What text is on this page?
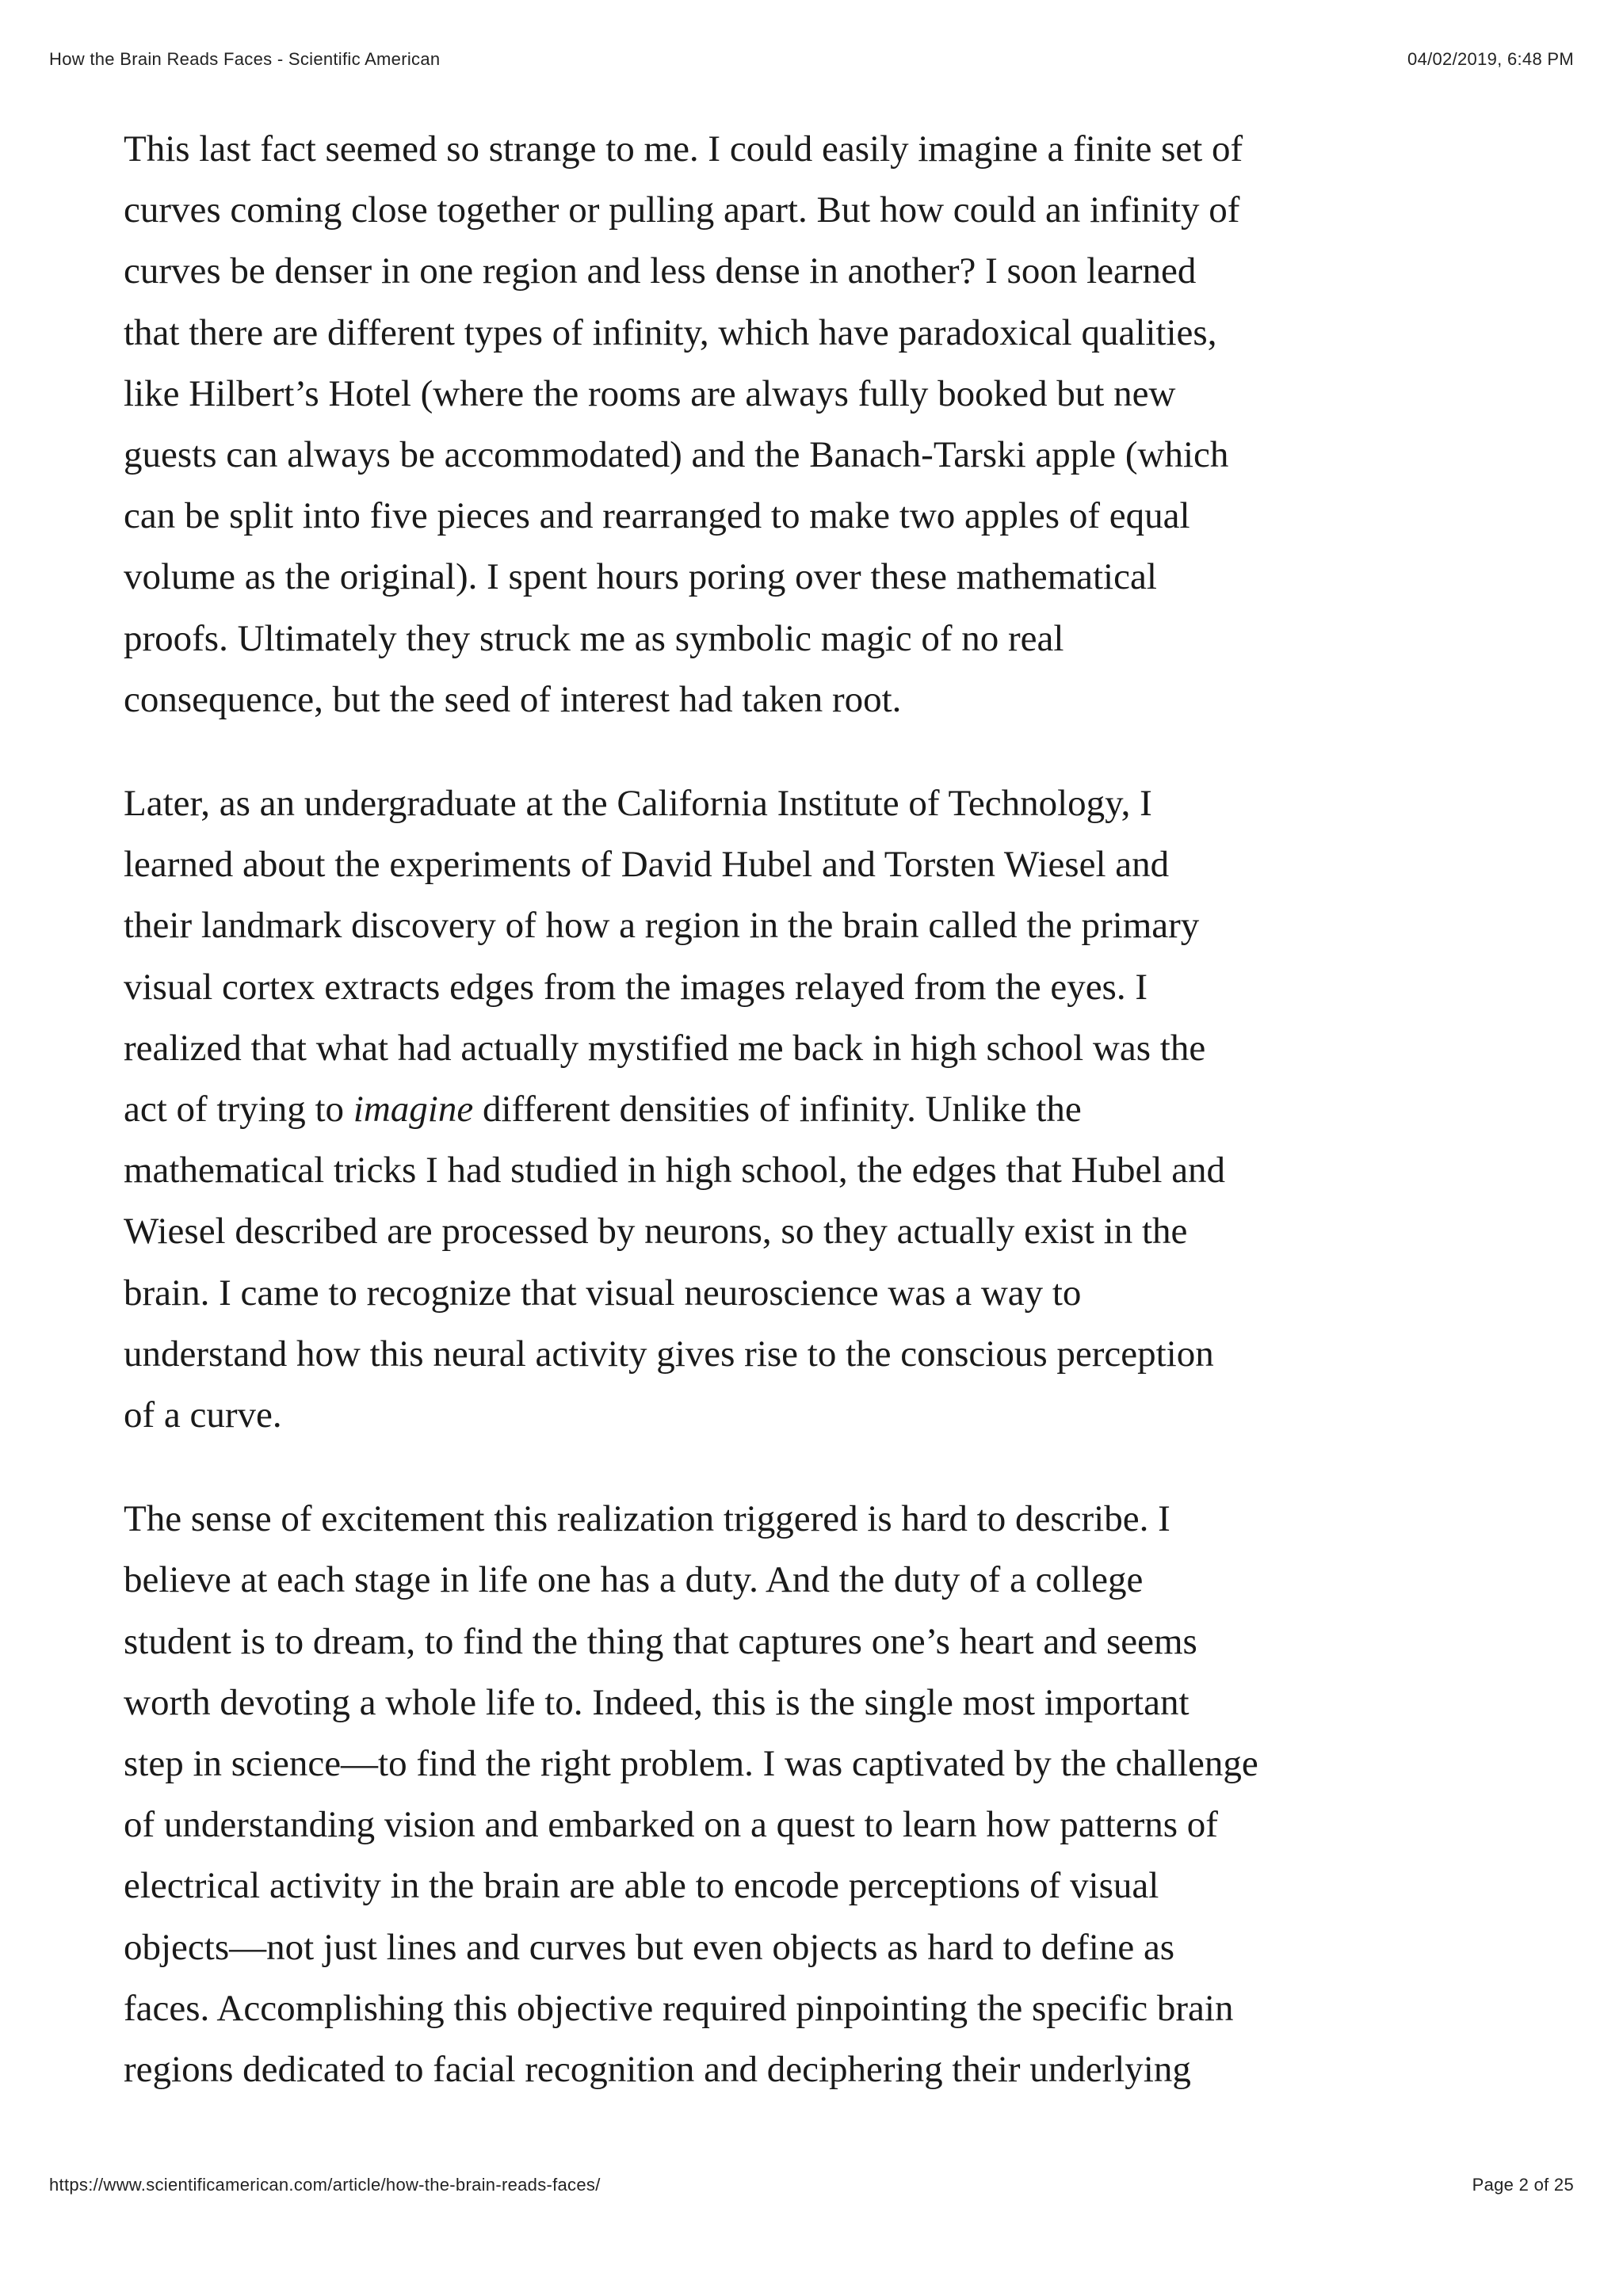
How the Brain Reads Faces - Scientific American	04/02/2019, 6:48 PM

This last fact seemed so strange to me. I could easily imagine a finite set of
curves coming close together or pulling apart. But how could an infinity of
curves be denser in one region and less dense in another? I soon learned
that there are different types of infinity, which have paradoxical qualities,
like Hilbert’s Hotel (where the rooms are always fully booked but new
guests can always be accommodated) and the Banach-Tarski apple (which
can be split into five pieces and rearranged to make two apples of equal
volume as the original). I spent hours poring over these mathematical
proofs. Ultimately they struck me as symbolic magic of no real
consequence, but the seed of interest had taken root.

Later, as an undergraduate at the California Institute of Technology, I
learned about the experiments of David Hubel and Torsten Wiesel and
their landmark discovery of how a region in the brain called the primary
visual cortex extracts edges from the images relayed from the eyes. I
realized that what had actually mystified me back in high school was the
act of trying to imagine different densities of infinity. Unlike the
mathematical tricks I had studied in high school, the edges that Hubel and
Wiesel described are processed by neurons, so they actually exist in the
brain. I came to recognize that visual neuroscience was a way to
understand how this neural activity gives rise to the conscious perception
of a curve.

The sense of excitement this realization triggered is hard to describe. I
believe at each stage in life one has a duty. And the duty of a college
student is to dream, to find the thing that captures one’s heart and seems
worth devoting a whole life to. Indeed, this is the single most important
step in science—to find the right problem. I was captivated by the challenge
of understanding vision and embarked on a quest to learn how patterns of
electrical activity in the brain are able to encode perceptions of visual
objects—not just lines and curves but even objects as hard to define as
faces. Accomplishing this objective required pinpointing the specific brain
regions dedicated to facial recognition and deciphering their underlying

https://www.scientificamerican.com/article/how-the-brain-reads-faces/	Page 2 of 25
